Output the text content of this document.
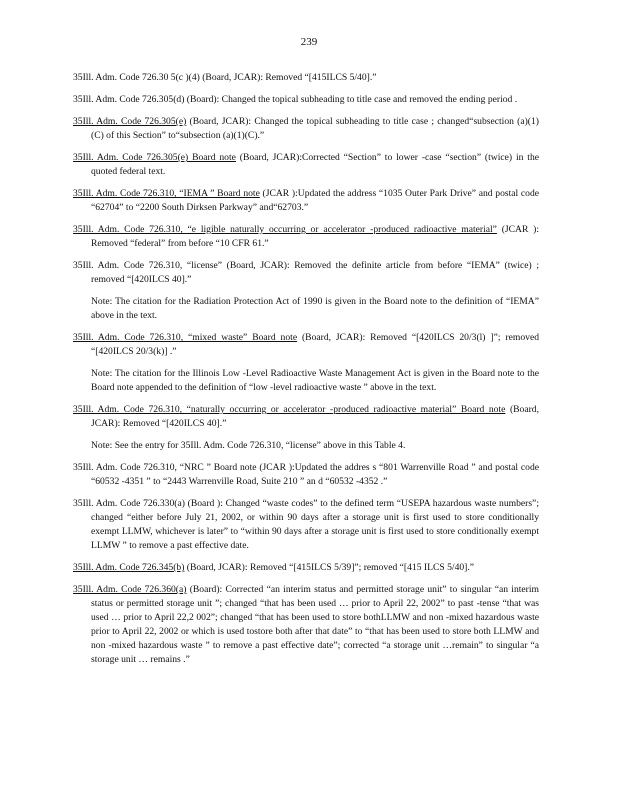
239
35Ill. Adm. Code 726.30 5(c )(4) (Board, JCAR): Removed “[415ILCS 5/40].”
35Ill. Adm. Code 726.305(d) (Board): Changed the topical subheading to title case and removed the ending period .
35Ill. Adm. Code 726.305(e) (Board, JCAR): Changed the topical subheading to title case ; changed“subsection (a)(1)(C) of this Section” to“subsection (a)(1)(C).”
35Ill. Adm. Code 726.305(e) Board note (Board, JCAR):Corrected “Section” to lower -case “section” (twice) in the quoted federal text.
35Ill. Adm. Code 726.310, “IEMA ” Board note (JCAR ):Updated the address “1035 Outer Park Drive” and postal code “62704” to “2200 South Dirksen Parkway” and“62703.”
35Ill. Adm. Code 726.310, “e ligible naturally occurring or accelerator -produced radioactive material” (JCAR ): Removed “federal” from before “10 CFR 61.”
35Ill. Adm. Code 726.310, “license” (Board, JCAR): Removed the definite article from before “IEMA” (twice) ; removed “[420ILCS 40].”
Note: The citation for the Radiation Protection Act of 1990 is given in the Board note to the definition of “IEMA” above in the text.
35Ill. Adm. Code 726.310, “mixed waste” Board note (Board, JCAR): Removed “[420ILCS 20/3(l) ]”; removed “[420ILCS 20/3(k)] .”
Note: The citation for the Illinois Low -Level Radioactive Waste Management Act is given in the Board note to the Board note appended to the definition of “low -level radioactive waste ” above in the text.
35Ill. Adm. Code 726.310, “naturally occurring or accelerator -produced radioactive material” Board note (Board, JCAR): Removed “[420ILCS 40].”
Note: See the entry for 35Ill. Adm. Code 726.310, “license” above in this Table 4.
35Ill. Adm. Code 726.310, “NRC ” Board note (JCAR ):Updated the addres s “801 Warrenville Road ” and postal code “60532 -4351 ” to “2443 Warrenville Road, Suite 210 ” an d “60532 -4352 .”
35Ill. Adm. Code 726.330(a) (Board ): Changed “waste codes” to the defined term “USEPA hazardous waste numbers”; changed “either before July 21, 2002, or within 90 days after a storage unit is first used to store conditionally exempt LLMW, whichever is later” to “within 90 days after a storage unit is first used to store conditionally exempt LLMW ” to remove a past effective date.
35Ill. Adm. Code 726.345(b) (Board, JCAR): Removed “[415ILCS 5/39]”; removed “[415 ILCS 5/40].”
35Ill. Adm. Code 726.360(a) (Board): Corrected “an interim status and permitted storage unit” to singular “an interim status or permitted storage unit ”; changed “that has been used … prior to April 22, 2002” to past -tense “that was used … prior to April 22,2 002”; changed “that has been used to store bothLLMW and non -mixed hazardous waste prior to April 22, 2002 or which is used tostore both after that date” to “that has been used to store both LLMW and non -mixed hazardous waste ” to remove a past effective date”; corrected “a storage unit …remain” to singular “a storage unit … remains .”
